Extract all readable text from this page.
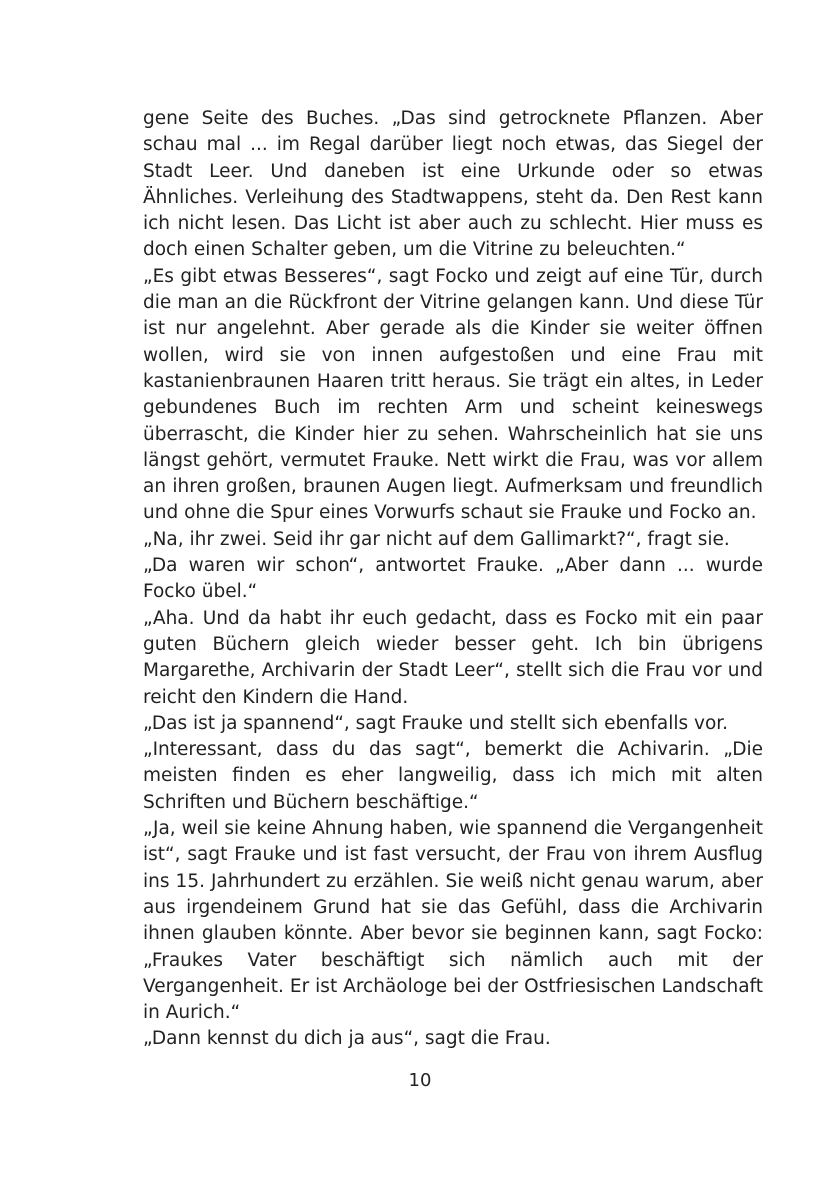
gene Seite des Buches. „Das sind getrocknete Pflanzen. Aber schau mal ... im Regal darüber liegt noch etwas, das Siegel der Stadt Leer. Und daneben ist eine Urkunde oder so etwas Ähnliches. Verleihung des Stadtwappens, steht da. Den Rest kann ich nicht lesen. Das Licht ist aber auch zu schlecht. Hier muss es doch einen Schalter geben, um die Vitrine zu beleuchten.“

„Es gibt etwas Besseres“, sagt Focko und zeigt auf eine Tür, durch die man an die Rückfront der Vitrine gelangen kann. Und diese Tür ist nur angelehnt. Aber gerade als die Kinder sie weiter öffnen wollen, wird sie von innen aufgestoßen und eine Frau mit kastanienbraunen Haaren tritt heraus. Sie trägt ein altes, in Leder gebundenes Buch im rechten Arm und scheint keineswegs überrascht, die Kinder hier zu sehen. Wahrscheinlich hat sie uns längst gehört, vermutet Frauke. Nett wirkt die Frau, was vor allem an ihren großen, braunen Augen liegt. Aufmerksam und freundlich und ohne die Spur eines Vorwurfs schaut sie Frauke und Focko an.

„Na, ihr zwei. Seid ihr gar nicht auf dem Gallimarkt?“, fragt sie.

„Da waren wir schon“, antwortet Frauke. „Aber dann ... wurde Focko übel.“

„Aha. Und da habt ihr euch gedacht, dass es Focko mit ein paar guten Büchern gleich wieder besser geht. Ich bin übrigens Margarethe, Archivarin der Stadt Leer“, stellt sich die Frau vor und reicht den Kindern die Hand.

„Das ist ja spannend“, sagt Frauke und stellt sich ebenfalls vor.

„Interessant, dass du das sagt“, bemerkt die Achivarin. „Die meisten finden es eher langweilig, dass ich mich mit alten Schriften und Büchern beschäftige.“

„Ja, weil sie keine Ahnung haben, wie spannend die Vergangenheit ist“, sagt Frauke und ist fast versucht, der Frau von ihrem Ausflug ins 15. Jahrhundert zu erzählen. Sie weiß nicht genau warum, aber aus irgendeinem Grund hat sie das Gefühl, dass die Archivarin ihnen glauben könnte. Aber bevor sie beginnen kann, sagt Focko: „Fraukes Vater beschäftigt sich nämlich auch mit der Vergangenheit. Er ist Archäologe bei der Ostfriesischen Landschaft in Aurich.“

„Dann kennst du dich ja aus“, sagt die Frau.

10
